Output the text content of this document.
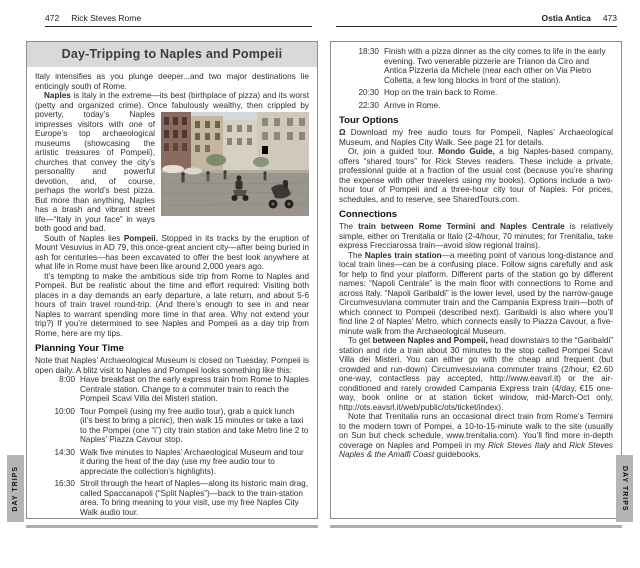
472 Rick Steves Rome	Ostia Antica 473
Day-Tripping to Naples and Pompeii

Italy intensifies as you plunge deeper...and two major destinations lie enticingly south of Rome.

Naples is Italy in the extreme—its best (birthplace of pizza) and its worst (petty and organized crime). Once fabulously wealthy, then crippled by poverty, today’s Naples impresses visitors with one of Europe’s top archaeological museums (showcasing the artistic treasures of Pompeii), churches that convey the city’s personality and powerful devotion, and, of course, perhaps the world’s best pizza. But more than anything, Naples has a brash and vibrant street life—“Italy in your face” in ways both good and bad.

South of Naples lies Pompeii. Stopped in its tracks by the eruption of Mount Vesuvius in AD 79, this once-great ancient city—after being buried in ash for centuries—has been excavated to offer the best look anywhere at what life in Rome must have been like around 2,000 years ago.

It’s tempting to make the ambitious side trip from Rome to Naples and Pompeii. But be realistic about the time and effort required: Visiting both places in a day demands an early departure, a late return, and about 5-6 hours of train travel round-trip. (And there’s enough to see in and near Naples to warrant spending more time in that area. Why not extend your trip?) If you’re determined to see Naples and Pompeii as a day trip from Rome, here are my tips.

Planning Your Time

Note that Naples’ Archaeological Museum is closed on Tuesday. Pompeii is open daily. A blitz visit to Naples and Pompeii looks something like this:

8:00 Have breakfast on the early express train from Rome to Naples Centrale station. Change to a commuter train to reach the Pompeii Scavi Villa dei Misteri station.
10:00 Tour Pompeii (using my free audio tour), grab a quick lunch (it’s best to bring a picnic), then walk 15 minutes or take a taxi to the Pompei (one “i”) city train station and take Metro line 2 to Naples’ Piazza Cavour stop.
14:30 Walk five minutes to Naples’ Archaeological Museum and tour it during the heat of the day (use my free audio tour to appreciate the collection’s highlights).
16:30 Stroll through the heart of Naples—along its historic main drag, called Spaccanapoli (“Split Naples”)—back to the train-station area. To bring meaning to your visit, use my free Naples City Walk audio tour.
18:30 Finish with a pizza dinner as the city comes to life in the early evening. Two venerable pizzerie are Trianon da Ciro and Antica Pizzeria da Michele (near each other on Via Pietro Colletta, a few long blocks in front of the station).
20:30 Hop on the train back to Rome.
22:30 Arrive in Rome.
Tour Options

Ω Download my free audio tours for Pompeii, Naples’ Archaeological Museum, and Naples City Walk. See page 21 for details.

Or, join a guided tour. Mondo Guide, a big Naples-based company, offers “shared tours” for Rick Steves readers. These include a private, professional guide at a fraction of the usual cost (because you’re sharing the expense with other travelers using my books). Options include a two-hour tour of Pompeii and a three-hour city tour of Naples. For prices, schedules, and to reserve, see SharedTours.com.

Connections

The train between Rome Termini and Naples Centrale is relatively simple, either on Trenitalia or Italo (2-4/hour, 70 minutes; for Trenitalia, take express Frecciarossa train—avoid slow regional trains).

The Naples train station—a meeting point of various long-distance and local train lines—can be a confusing place. Follow signs carefully and ask for help to find your platform. Different parts of the station go by different names: “Napoli Centrale” is the main floor with connections to Rome and across Italy. “Napoli Garibaldi” is the lower level, used by the narrow-gauge Circumvesuviana commuter train and the Campania Express train—both of which connect to Pompeii (described next). Garibaldi is also where you’ll find line 2 of Naples’ Metro, which connects easily to Piazza Cavour, a five-minute walk from the Archaeological Museum.

To get between Naples and Pompeii, head downstairs to the “Garibaldi” station and ride a train about 30 minutes to the stop called Pompei Scavi Villa dei Misteri. You can either go with the cheap and frequent (but crowded and run-down) Circumvesuviana commuter trains (2/hour, €2.60 one-way, contactless pay accepted, http://www.eavsrl.it) or the air-conditioned and rarely crowded Campania Express train (4/day, €15 one-way, book online or at station ticket window, mid-March-Oct only, http://ots.eavsrl.it/web/public/ots/ticket/index).

Note that Trenitalia runs an occasional direct train from Rome’s Termini to the modern town of Pompei, a 10-to-15-minute walk to the site (usually on Sun but check schedule, www.trenitalia.com). You’ll find more in-depth coverage on Naples and Pompeii in my Rick Steves Italy and Rick Steves Naples & the Amalfi Coast guidebooks.

DAY TRIPS	DAY TRIPS
